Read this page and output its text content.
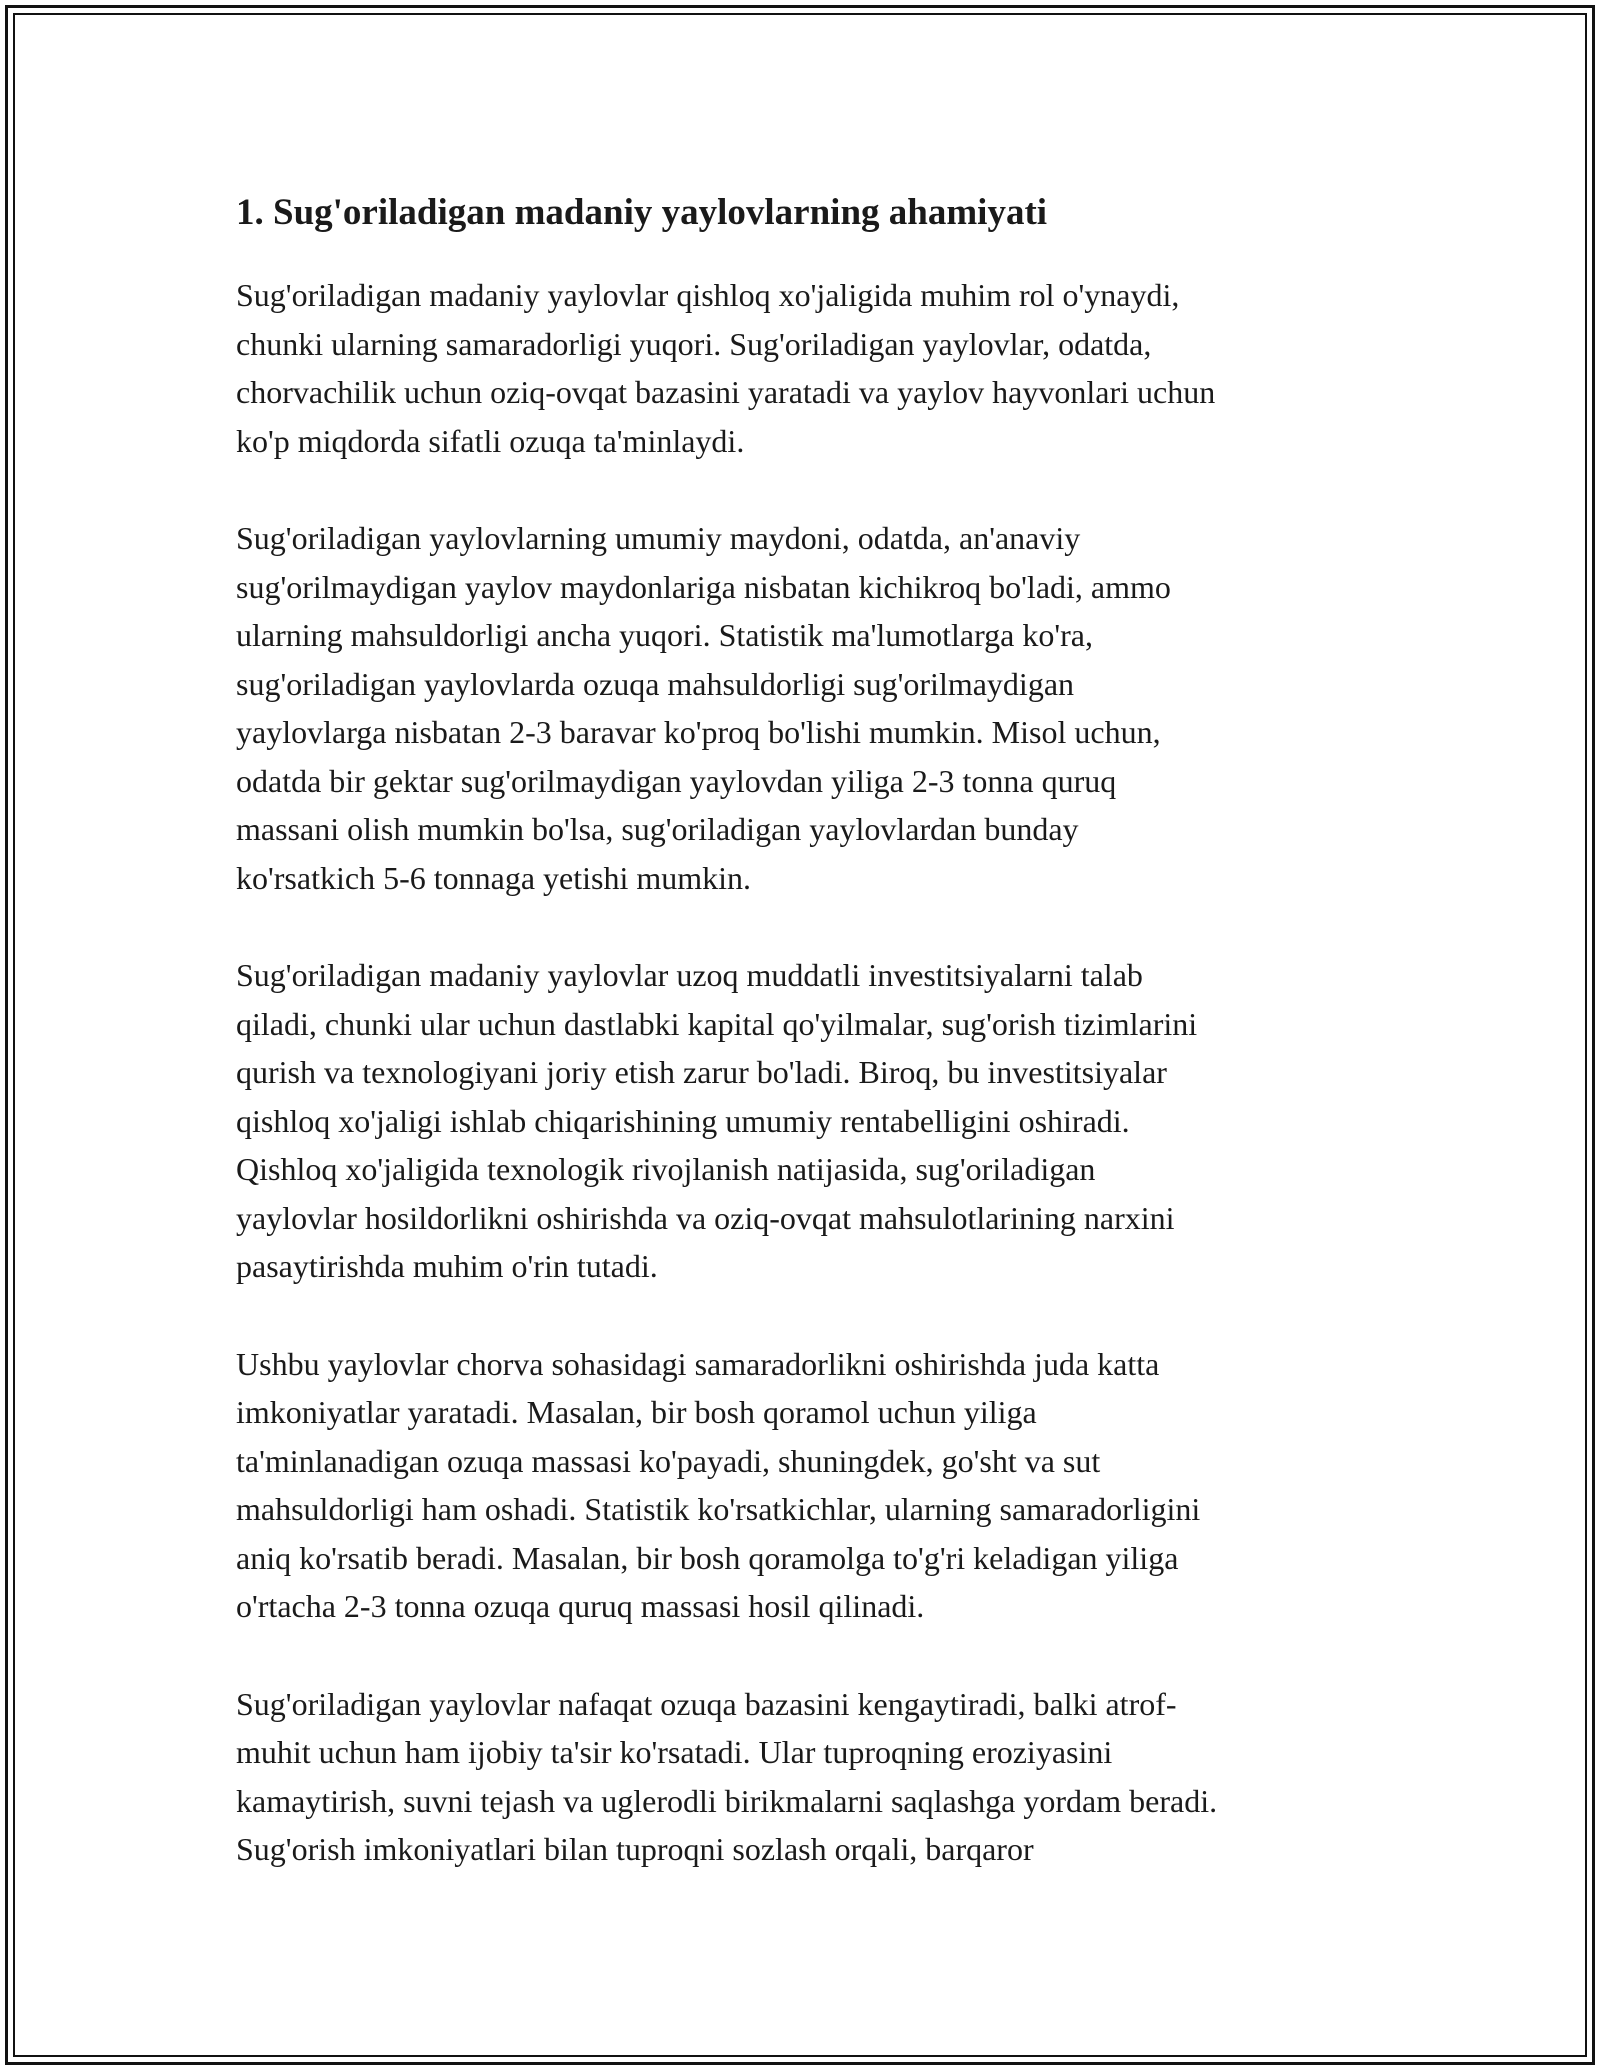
1. Sug'oriladigan madaniy yaylovlarning ahamiyati

Sug'oriladigan madaniy yaylovlar qishloq xo'jaligida muhim rol o'ynaydi,
chunki ularning samaradorligi yuqori. Sug'oriladigan yaylovlar, odatda,
chorvachilik uchun oziq-ovqat bazasini yaratadi va yaylov hayvonlari uchun
ko'p miqdorda sifatli ozuqa ta'minlaydi.

Sug'oriladigan yaylovlarning umumiy maydoni, odatda, an'anaviy
sug'orilmaydigan yaylov maydonlariga nisbatan kichikroq bo'ladi, ammo
ularning mahsuldorligi ancha yuqori. Statistik ma'lumotlarga ko'ra,
sug'oriladigan yaylovlarda ozuqa mahsuldorligi sug'orilmaydigan
yaylovlarga nisbatan 2-3 baravar ko'proq bo'lishi mumkin. Misol uchun,
odatda bir gektar sug'orilmaydigan yaylovdan yiliga 2-3 tonna quruq
massani olish mumkin bo'lsa, sug'oriladigan yaylovlardan bunday
ko'rsatkich 5-6 tonnaga yetishi mumkin.

Sug'oriladigan madaniy yaylovlar uzoq muddatli investitsiyalarni talab
qiladi, chunki ular uchun dastlabki kapital qo'yilmalar, sug'orish tizimlarini
qurish va texnologiyani joriy etish zarur bo'ladi. Biroq, bu investitsiyalar
qishloq xo'jaligi ishlab chiqarishining umumiy rentabelligini oshiradi.
Qishloq xo'jaligida texnologik rivojlanish natijasida, sug'oriladigan
yaylovlar hosildorlikni oshirishda va oziq-ovqat mahsulotlarining narxini
pasaytirishda muhim o'rin tutadi.

Ushbu yaylovlar chorva sohasidagi samaradorlikni oshirishda juda katta
imkoniyatlar yaratadi. Masalan, bir bosh qoramol uchun yiliga
ta'minlanadigan ozuqa massasi ko'payadi, shuningdek, go'sht va sut
mahsuldorligi ham oshadi. Statistik ko'rsatkichlar, ularning samaradorligini
aniq ko'rsatib beradi. Masalan, bir bosh qoramolga to'g'ri keladigan yiliga
o'rtacha 2-3 tonna ozuqa quruq massasi hosil qilinadi.

Sug'oriladigan yaylovlar nafaqat ozuqa bazasini kengaytiradi, balki atrof-
muhit uchun ham ijobiy ta'sir ko'rsatadi. Ular tuproqning eroziyasini
kamaytirish, suvni tejash va uglerodli birikmalarni saqlashga yordam beradi.
Sug'orish imkoniyatlari bilan tuproqni sozlash orqali, barqaror
